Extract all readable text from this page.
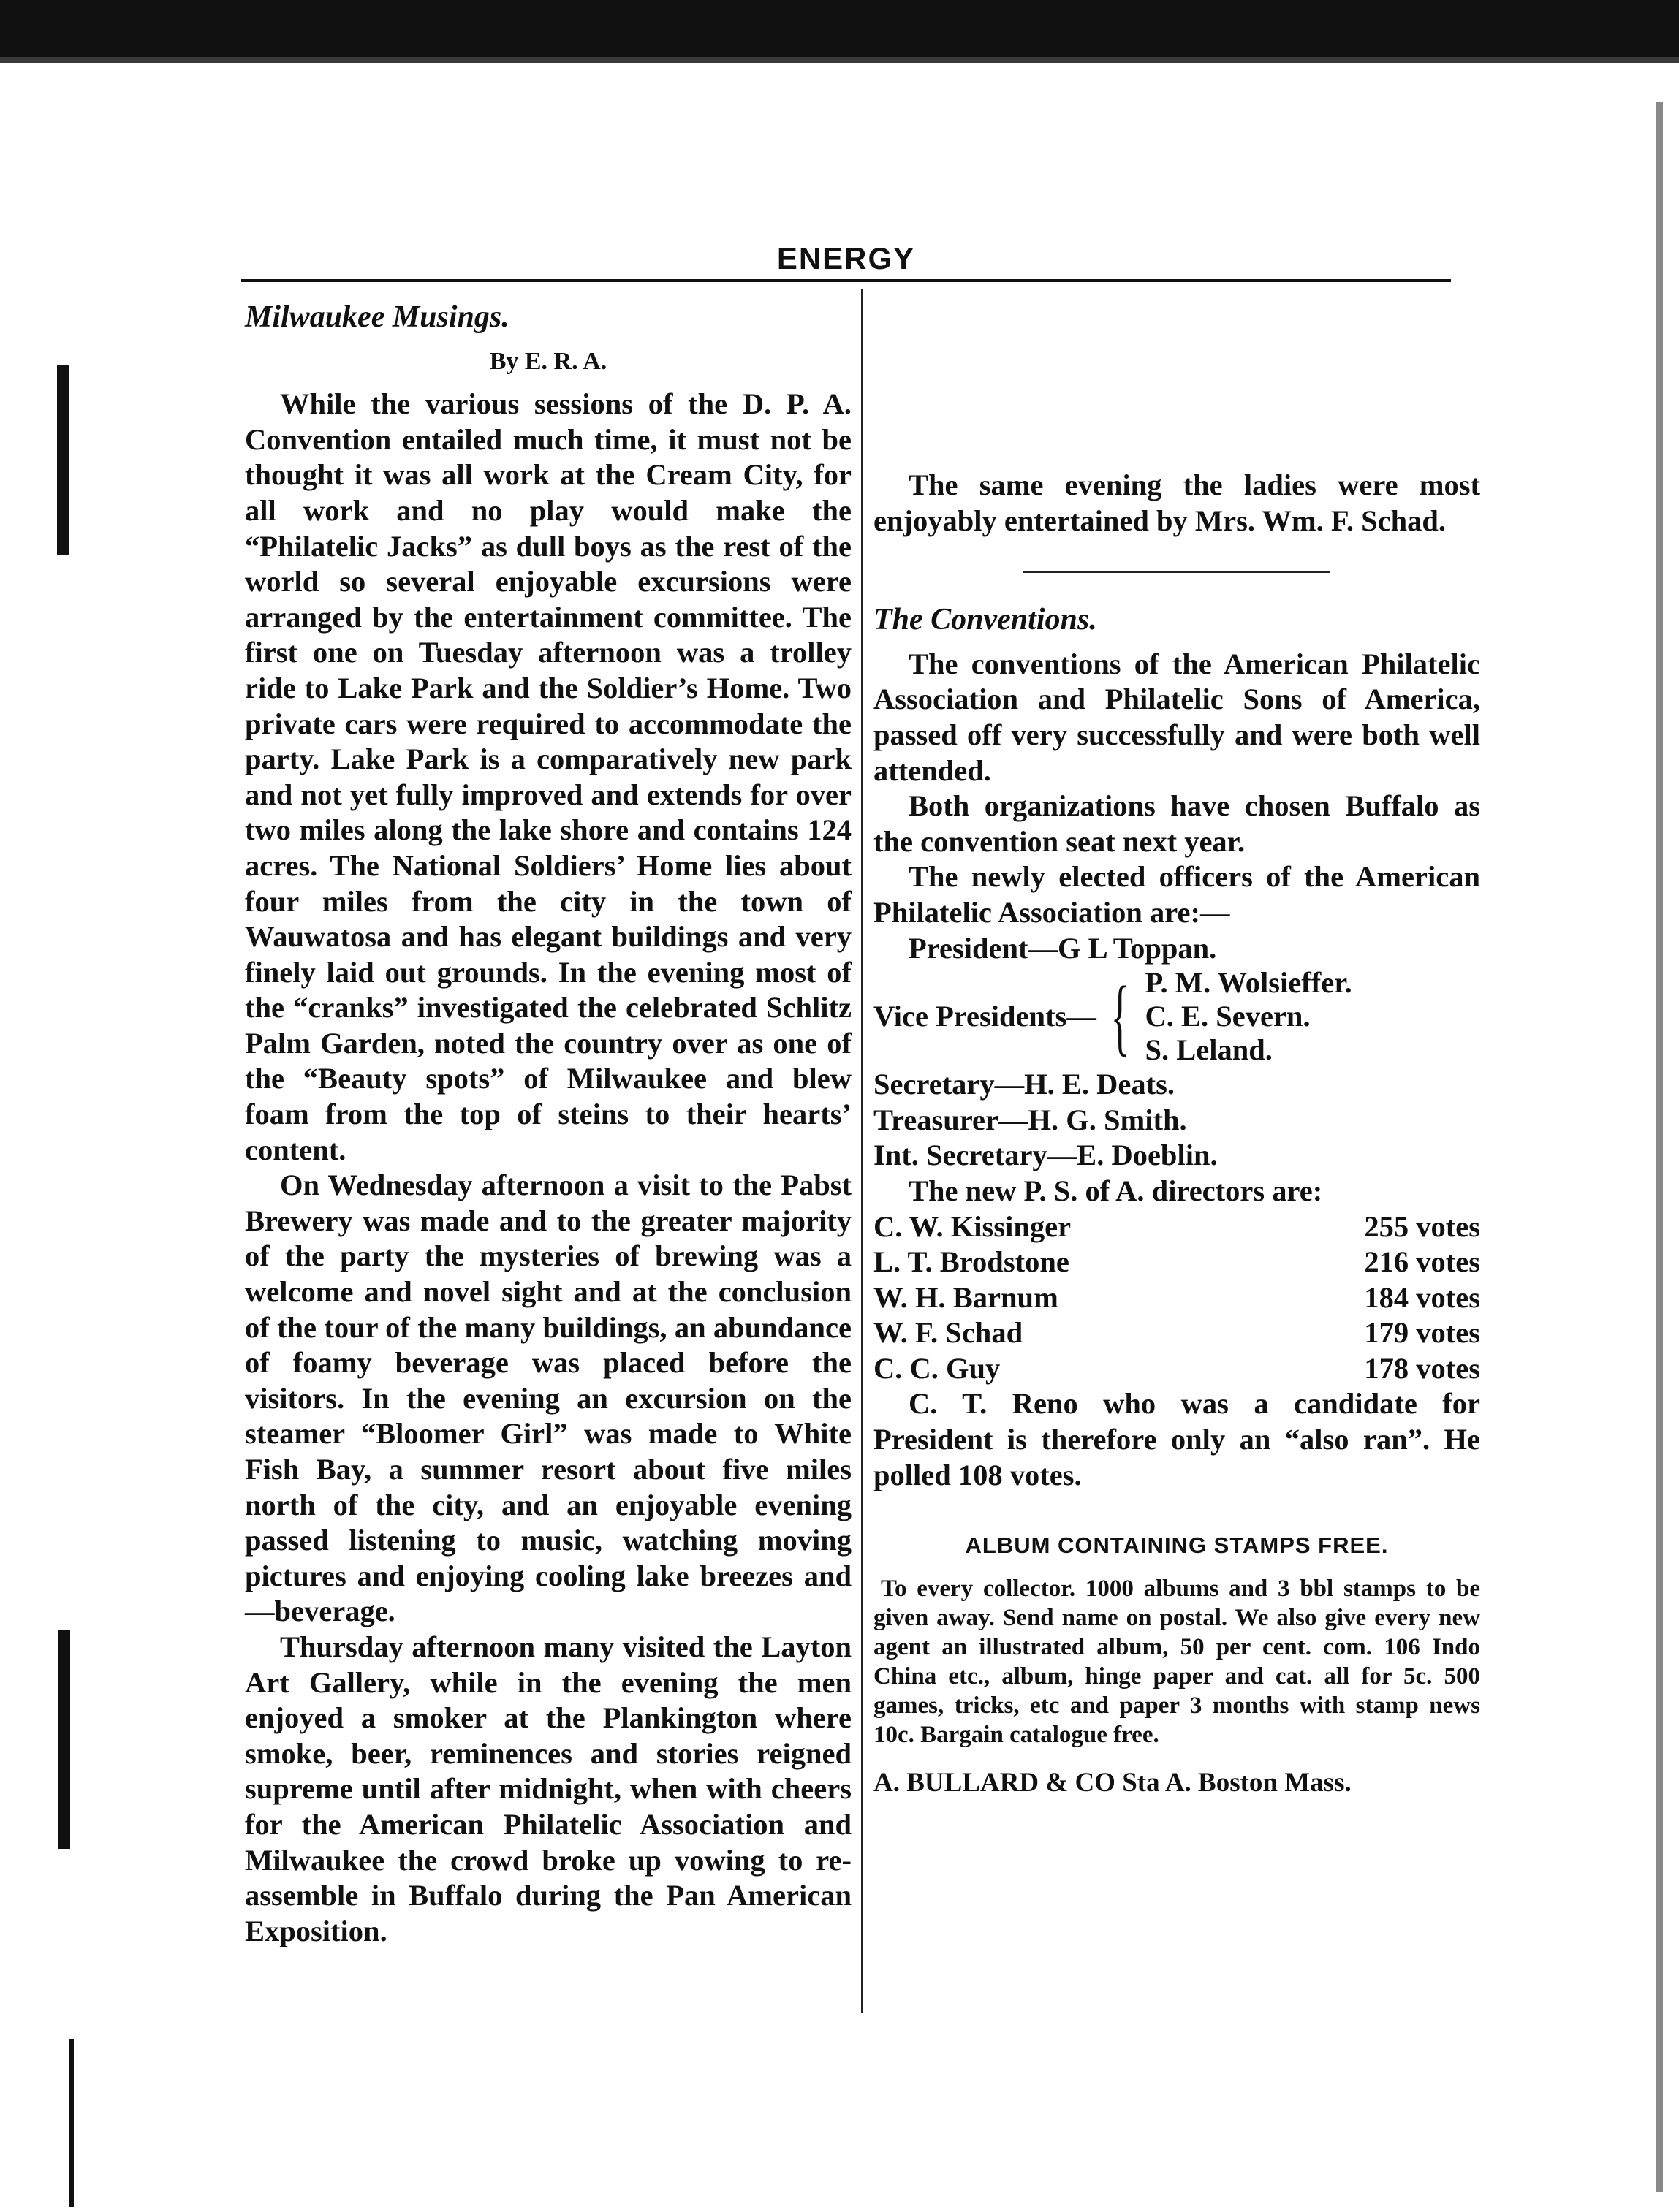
ENERGY
Milwaukee Musings.
By E. R. A.

While the various sessions of the D. P. A. Convention entailed much time, it must not be thought it was all work at the Cream City, for all work and no play would make the “Philatelic Jacks” as dull boys as the rest of the world so several enjoyable excursions were arranged by the entertainment committee. The first one on Tuesday afternoon was a trolley ride to Lake Park and the Soldier’s Home. Two private cars were required to accommodate the party. Lake Park is a comparatively new park and not yet fully improved and extends for over two miles along the lake shore and contains 124 acres. The National Soldiers’ Home lies about four miles from the city in the town of Wauwatosa and has elegant buildings and very finely laid out grounds. In the evening most of the “cranks” investigated the celebrated Schlitz Palm Garden, noted the country over as one of the “Beauty spots” of Milwaukee and blew foam from the top of steins to their hearts’ content.

On Wednesday afternoon a visit to the Pabst Brewery was made and to the greater majority of the party the mysteries of brewing was a welcome and novel sight and at the conclusion of the tour of the many buildings, an abundance of foamy beverage was placed before the visitors. In the evening an excursion on the steamer “Bloomer Girl” was made to White Fish Bay, a summer resort about five miles north of the city, and an enjoyable evening passed listening to music, watching moving pictures and enjoying cooling lake breezes and—beverage.

Thursday afternoon many visited the Layton Art Gallery, while in the evening the men enjoyed a smoker at the Plankington where smoke, beer, reminences and stories reigned supreme until after midnight, when with cheers for the American Philatelic Association and Milwaukee the crowd broke up vowing to re-assemble in Buffalo during the Pan American Exposition.

The same evening the ladies were most enjoyably entertained by Mrs. Wm. F. Schad.

The Conventions.

The conventions of the American Philatelic Association and Philatelic Sons of America, passed off very successfully and were both well attended.

Both organizations have chosen Buffalo as the convention seat next year.

The newly elected officers of the American Philatelic Association are:—

President—G L Toppan.

Vice Presidents— { P. M. Wolsieffer.
C. E. Severn.
S. Leland.

Secretary—H. E. Deats.

Treasurer—H. G. Smith.

Int. Secretary—E. Doeblin.

The new P. S. of A. directors are:

C. W. Kissinger	255 votes
L. T. Brodstone	216 votes
W. H. Barnum	184 votes
W. F. Schad	179 votes
C. C. Guy	178 votes

C. T. Reno who was a candidate for President is therefore only an “also ran”. He polled 108 votes.

ALBUM CONTAINING STAMPS FREE.

To every collector. 1000 albums and 3 bbl stamps to be given away. Send name on postal. We also give every new agent an illustrated album, 50 per cent. com. 106 Indo China etc., album, hinge paper and cat. all for 5c. 500 games, tricks, etc and paper 3 months with stamp news 10c. Bargain catalogue free.

A. BULLARD & CO Sta A. Boston Mass.
